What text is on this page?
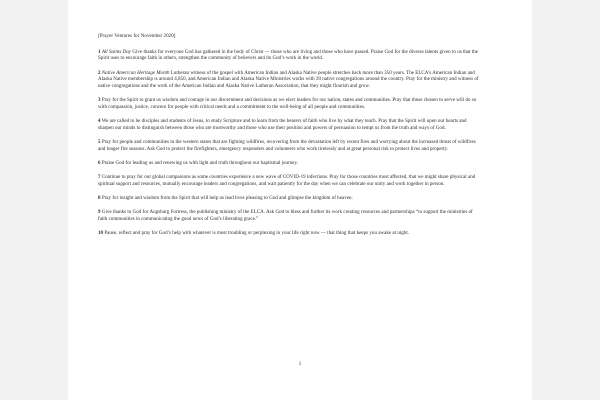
[Prayer Ventures for November 2020]
1 All Saints Day Give thanks for everyone God has gathered in the body of Christ — those who are living and those who have passed. Praise God for the diverse talents given to us that the Spirit uses to encourage faith in others, strengthen the community of believers and do God’s work in the world.
2 Native American Heritage Month Lutheran witness of the gospel with American Indian and Alaska Native people stretches back more than 350 years. The ELCA’s American Indian and Alaska Native membership is around 4,850, and American Indian and Alaska Native Ministries works with 30 native congregations around the country. Pray for the ministry and witness of native congregations and the work of the American Indian and Alaska Native Lutheran Association, that they might flourish and grow.
3 Pray for the Spirit to grant us wisdom and courage in our discernment and decisions as we elect leaders for our nation, states and communities. Pray that those chosen to serve will do so with compassion, justice, concern for people with critical needs and a commitment to the well-being of all people and communities.
4 We are called to be disciples and students of Jesus, to study Scripture and to learn from the bearers of faith who live by what they teach. Pray that the Spirit will open our hearts and sharpen our minds to distinguish between those who are trustworthy and those who use their position and powers of persuasion to tempt us from the truth and ways of God.
5 Pray for people and communities in the western states that are fighting wildfires, recovering from the devastation left by recent fires and worrying about the increased threat of wildfires and longer fire seasons. Ask God to protect the firefighters, emergency responders and volunteers who work tirelessly and at great personal risk to protect lives and property.
6 Praise God for leading us and renewing us with light and truth throughout our baptismal journey.
7 Continue to pray for our global companions as some countries experience a new wave of COVID-19 infections. Pray for those countries most affected, that we might share physical and spiritual support and resources, mutually encourage leaders and congregations, and wait patiently for the day when we can celebrate our unity and work together in person.
8 Pray for insight and wisdom from the Spirit that will help us lead lives pleasing to God and glimpse the kingdom of heaven.
9 Give thanks to God for Augsburg Fortress, the publishing ministry of the ELCA. Ask God to bless and further its work creating resources and partnerships “to support the ministries of faith communities in communicating the good news of God’s liberating grace.”
10 Pause, reflect and pray for God’s help with whatever is most troubling or perplexing in your life right now — that thing that keeps you awake at night.
1
